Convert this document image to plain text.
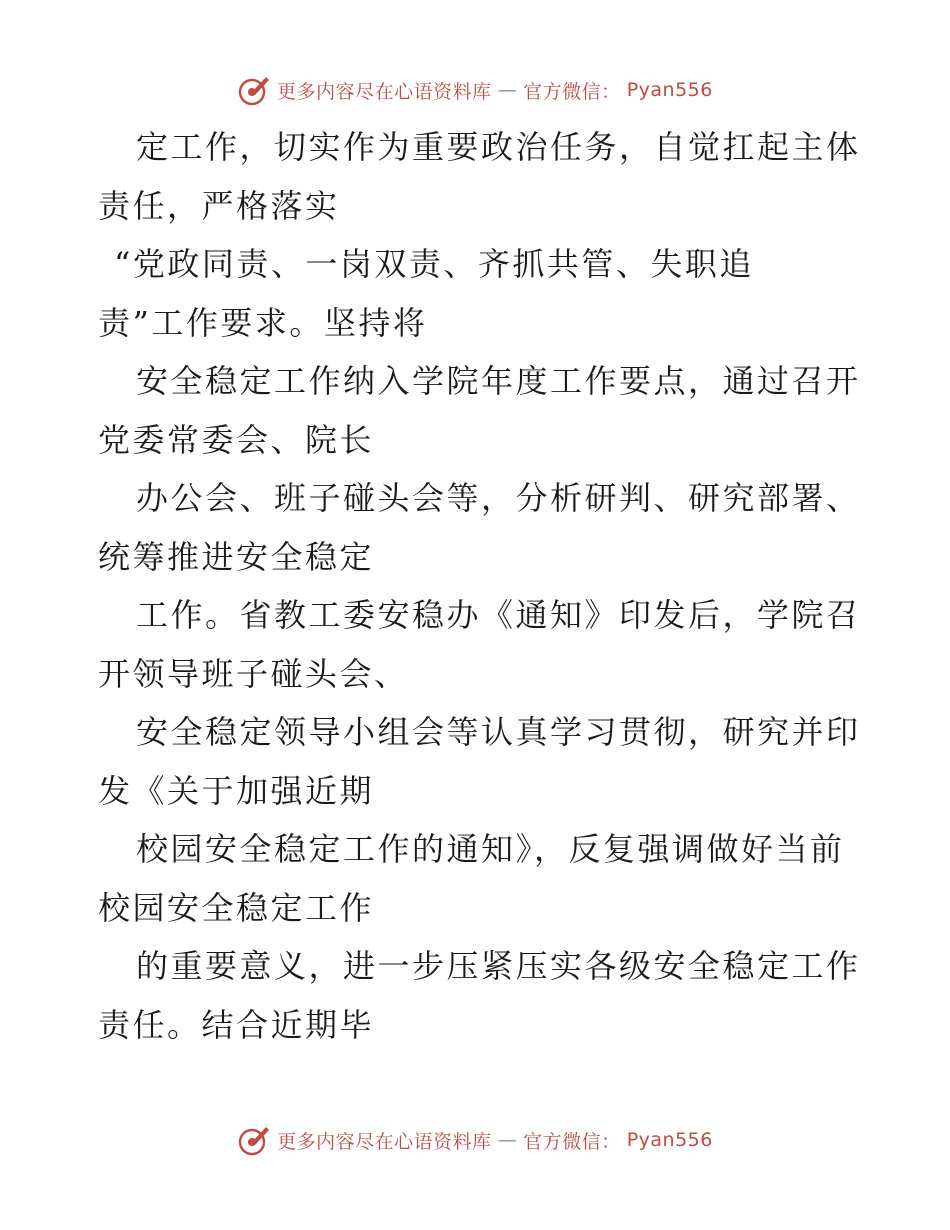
更多内容尽在心语资料库 — 官方微信： Pyan556
定工作，切实作为重要政治任务，自觉扛起主体
责任，严格落实
“党政同责、一岗双责、齐抓共管、失职追
责”工作要求。坚持将
安全稳定工作纳入学院年度工作要点，通过召开
党委常委会、院长
办公会、班子碰头会等，分析研判、研究部署、
统筹推进安全稳定
工作。省教工委安稳办《通知》印发后，学院召
开领导班子碰头会、
安全稳定领导小组会等认真学习贯彻，研究并印
发《关于加强近期
校园安全稳定工作的通知》，反复强调做好当前
校园安全稳定工作
的重要意义，进一步压紧压实各级安全稳定工作
责任。结合近期毕
更多内容尽在心语资料库 — 官方微信： Pyan556
